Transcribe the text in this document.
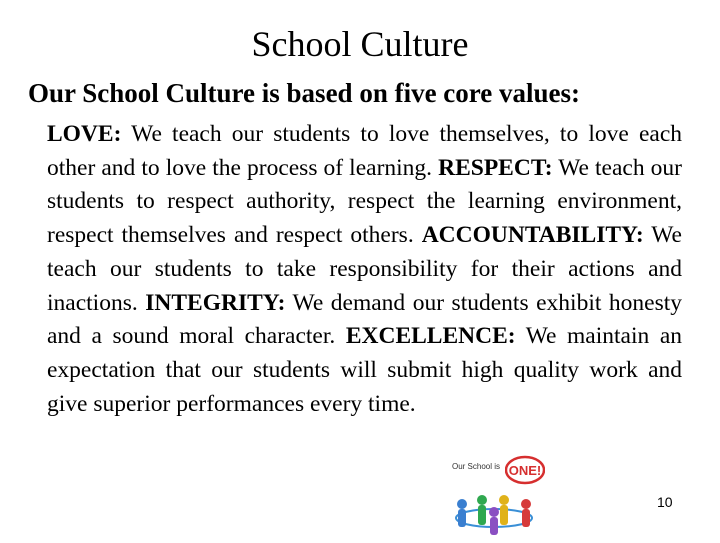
School Culture
Our School Culture is based on five core values:
LOVE: We teach our students to love themselves, to love each other and to love the process of learning. RESPECT: We teach our students to respect authority, respect the learning environment, respect themselves and respect others. ACCOUNTABILITY: We teach our students to take responsibility for their actions and inactions. INTEGRITY: We demand our students exhibit honesty and a sound moral character. EXCELLENCE: We maintain an expectation that our students will submit high quality work and give superior performances every time.
Our School is ONE!
10
